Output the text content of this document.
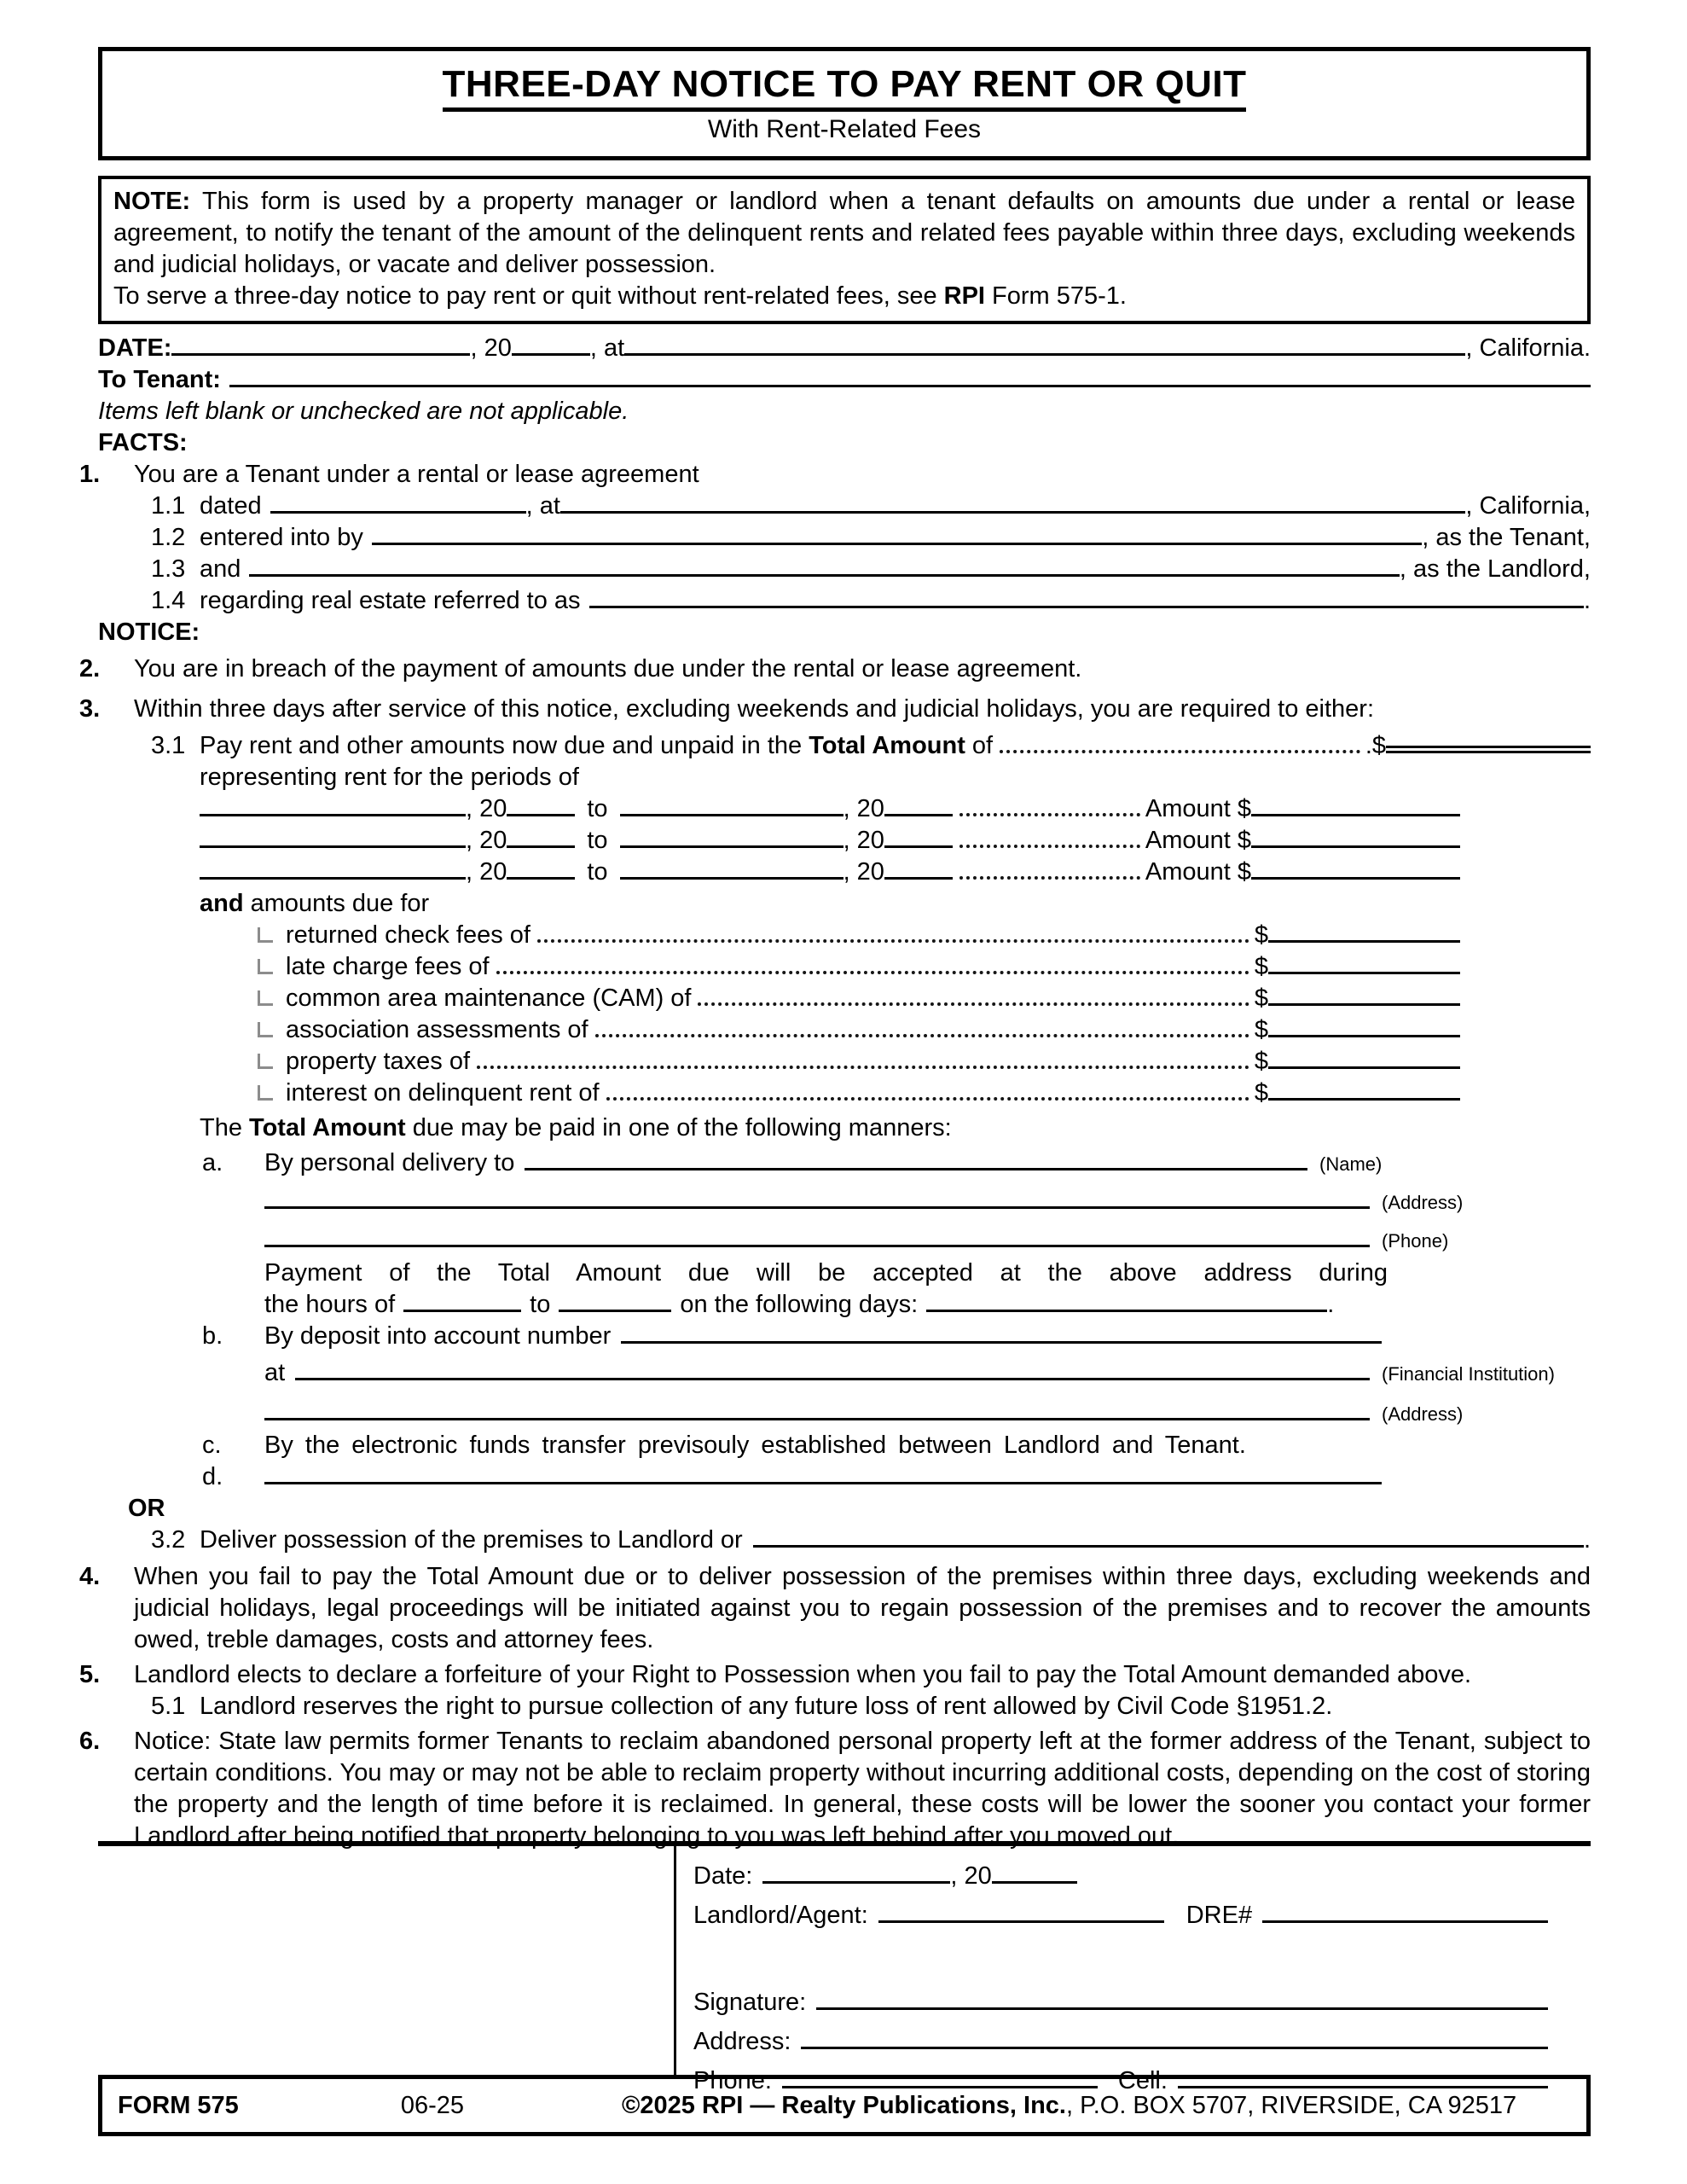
THREE-DAY NOTICE TO PAY RENT OR QUIT
With Rent-Related Fees
NOTE: This form is used by a property manager or landlord when a tenant defaults on amounts due under a rental or lease agreement, to notify the tenant of the amount of the delinquent rents and related fees payable within three days, excluding weekends and judicial holidays, or vacate and deliver possession.
To serve a three-day notice to pay rent or quit without rent-related fees, see RPI Form 575-1.
DATE:	, 20	, at	, California.
To Tenant:
Items left blank or unchecked are not applicable.
FACTS:
1.	You are a Tenant under a rental or lease agreement
1.1 dated	, at	, California,
1.2 entered into by	, as the Tenant,
1.3 and	, as the Landlord,
1.4 regarding real estate referred to as	.
NOTICE:
2.	You are in breach of the payment of amounts due under the rental or lease agreement.
3.	Within three days after service of this notice, excluding weekends and judicial holidays, you are required to either:
3.1 Pay rent and other amounts now due and unpaid in the Total Amount of	.$
representing rent for the periods of
, 20	to	, 20	Amount $
, 20	to	, 20	Amount $
, 20	to	, 20	Amount $
and amounts due for
returned check fees of	$
late charge fees of	$
common area maintenance (CAM) of	$
association assessments of	$
property taxes of	$
interest on delinquent rent of	$
The Total Amount due may be paid in one of the following manners:
a.	By personal delivery to	(Name)
(Address)
(Phone)
Payment of the Total Amount due will be accepted at the above address during
the hours of	to	on the following days:	.
b.	By deposit into account number
at	(Financial Institution)
(Address)
c.	By the electronic funds transfer previsouly established between Landlord and Tenant.
d.
OR
3.2 Deliver possession of the premises to Landlord or	.
4.	When you fail to pay the Total Amount due or to deliver possession of the premises within three days, excluding weekends and judicial holidays, legal proceedings will be initiated against you to regain possession of the premises and to recover the amounts owed, treble damages, costs and attorney fees.
5.	Landlord elects to declare a forfeiture of your Right to Possession when you fail to pay the Total Amount demanded above.
5.1 Landlord reserves the right to pursue collection of any future loss of rent allowed by Civil Code §1951.2.
6.	Notice: State law permits former Tenants to reclaim abandoned personal property left at the former address of the Tenant, subject to certain conditions. You may or may not be able to reclaim property without incurring additional costs, depending on the cost of storing the property and the length of time before it is reclaimed. In general, these costs will be lower the sooner you contact your former Landlord after being notified that property belonging to you was left behind after you moved out.
Date:	, 20
Landlord/Agent:	DRE#
Signature:
Address:
Phone:	Cell:
FORM 575	06-25	©2025 RPI — Realty Publications, Inc., P.O. BOX 5707, RIVERSIDE, CA 92517
